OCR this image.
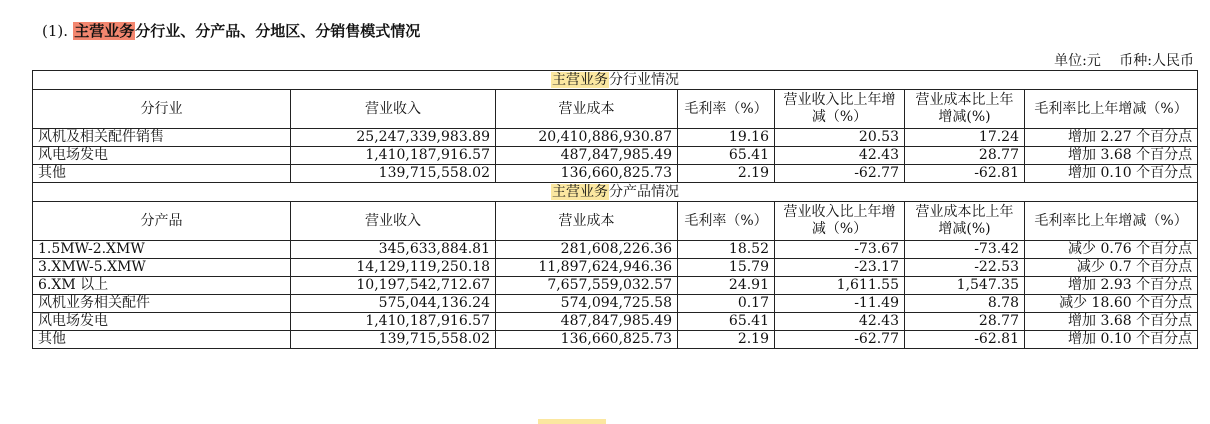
(1). 主营业务分行业、分产品、分地区、分销售模式情况
单位:元 币种:人民币
主营业务分行业情况						
分行业	营业收入	营业成本	毛利率（%）	营业收入比上年增减（%）	营业成本比上年增减(%)	毛利率比上年增减（%）
风机及相关配件销售	25,247,339,983.89	20,410,886,930.87	19.16	20.53	17.24	增加 2.27 个百分点
风电场发电	1,410,187,916.57	487,847,985.49	65.41	42.43	28.77	增加 3.68 个百分点
其他	139,715,558.02	136,660,825.73	2.19	-62.77	-62.81	增加 0.10 个百分点
主营业务分产品情况						
分产品	营业收入	营业成本	毛利率（%）	营业收入比上年增减（%）	营业成本比上年增减(%)	毛利率比上年增减（%）
1.5MW-2.XMW	345,633,884.81	281,608,226.36	18.52	-73.67	-73.42	减少 0.76 个百分点
3.XMW-5.XMW	14,129,119,250.18	11,897,624,946.36	15.79	-23.17	-22.53	减少 0.7 个百分点
6.XM 以上	10,197,542,712.67	7,657,559,032.57	24.91	1,611.55	1,547.35	增加 2.93 个百分点
风机业务相关配件	575,044,136.24	574,094,725.58	0.17	-11.49	8.78	减少 18.60 个百分点
风电场发电	1,410,187,916.57	487,847,985.49	65.41	42.43	28.77	增加 3.68 个百分点
其他	139,715,558.02	136,660,825.73	2.19	-62.77	-62.81	增加 0.10 个百分点
